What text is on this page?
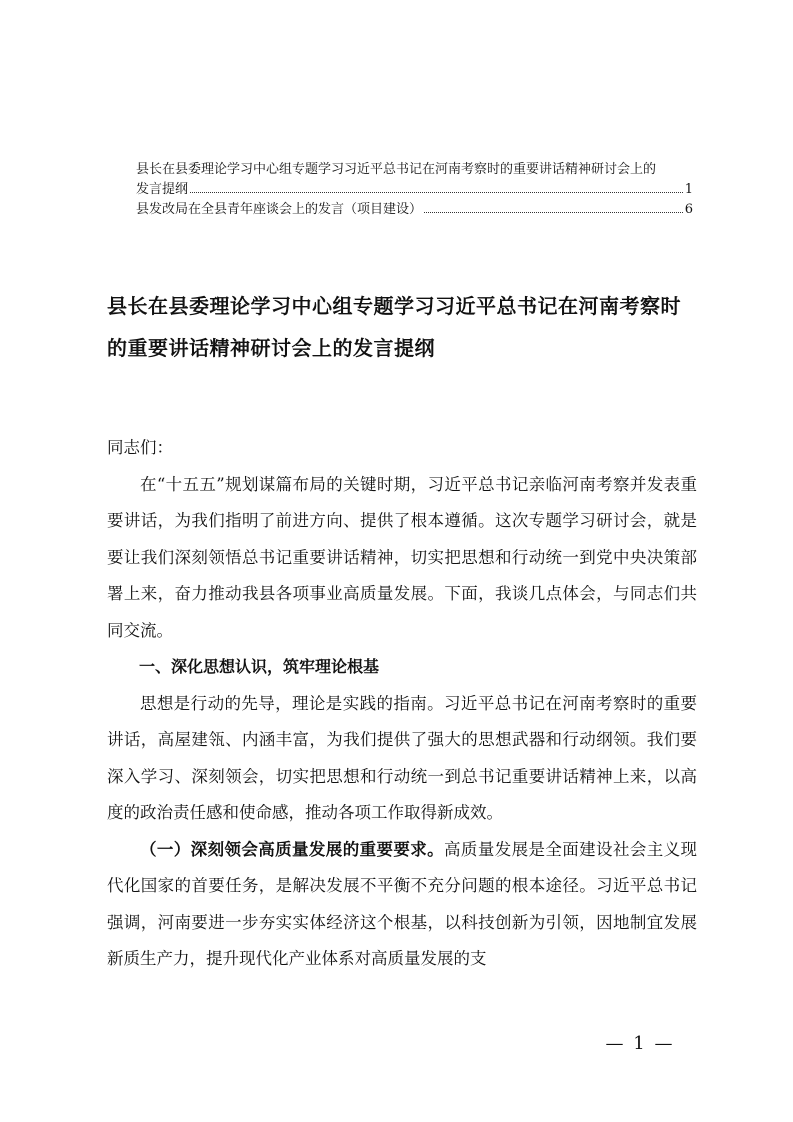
县长在县委理论学习中心组专题学习习近平总书记在河南考察时的重要讲话精神研讨会上的
发言提纲	1
县发改局在全县青年座谈会上的发言（项目建设）	6
县长在县委理论学习中心组专题学习习近平总书记在河南考察时的重要讲话精神研讨会上的发言提纲

同志们：

在“十五五”规划谋篇布局的关键时期，习近平总书记亲临河南考察并发表重要讲话，为我们指明了前进方向、提供了根本遵循。这次专题学习研讨会，就是要让我们深刻领悟总书记重要讲话精神，切实把思想和行动统一到党中央决策部署上来，奋力推动我县各项事业高质量发展。下面，我谈几点体会，与同志们共同交流。

一、深化思想认识，筑牢理论根基

思想是行动的先导，理论是实践的指南。习近平总书记在河南考察时的重要讲话，高屋建瓴、内涵丰富，为我们提供了强大的思想武器和行动纲领。我们要深入学习、深刻领会，切实把思想和行动统一到总书记重要讲话精神上来，以高度的政治责任感和使命感，推动各项工作取得新成效。

（一）深刻领会高质量发展的重要要求。高质量发展是全面建设社会主义现代化国家的首要任务，是解决发展不平衡不充分问题的根本途径。习近平总书记强调，河南要进一步夯实实体经济这个根基，以科技创新为引领，因地制宜发展新质生产力，提升现代化产业体系对高质量发展的支

— 1 —
